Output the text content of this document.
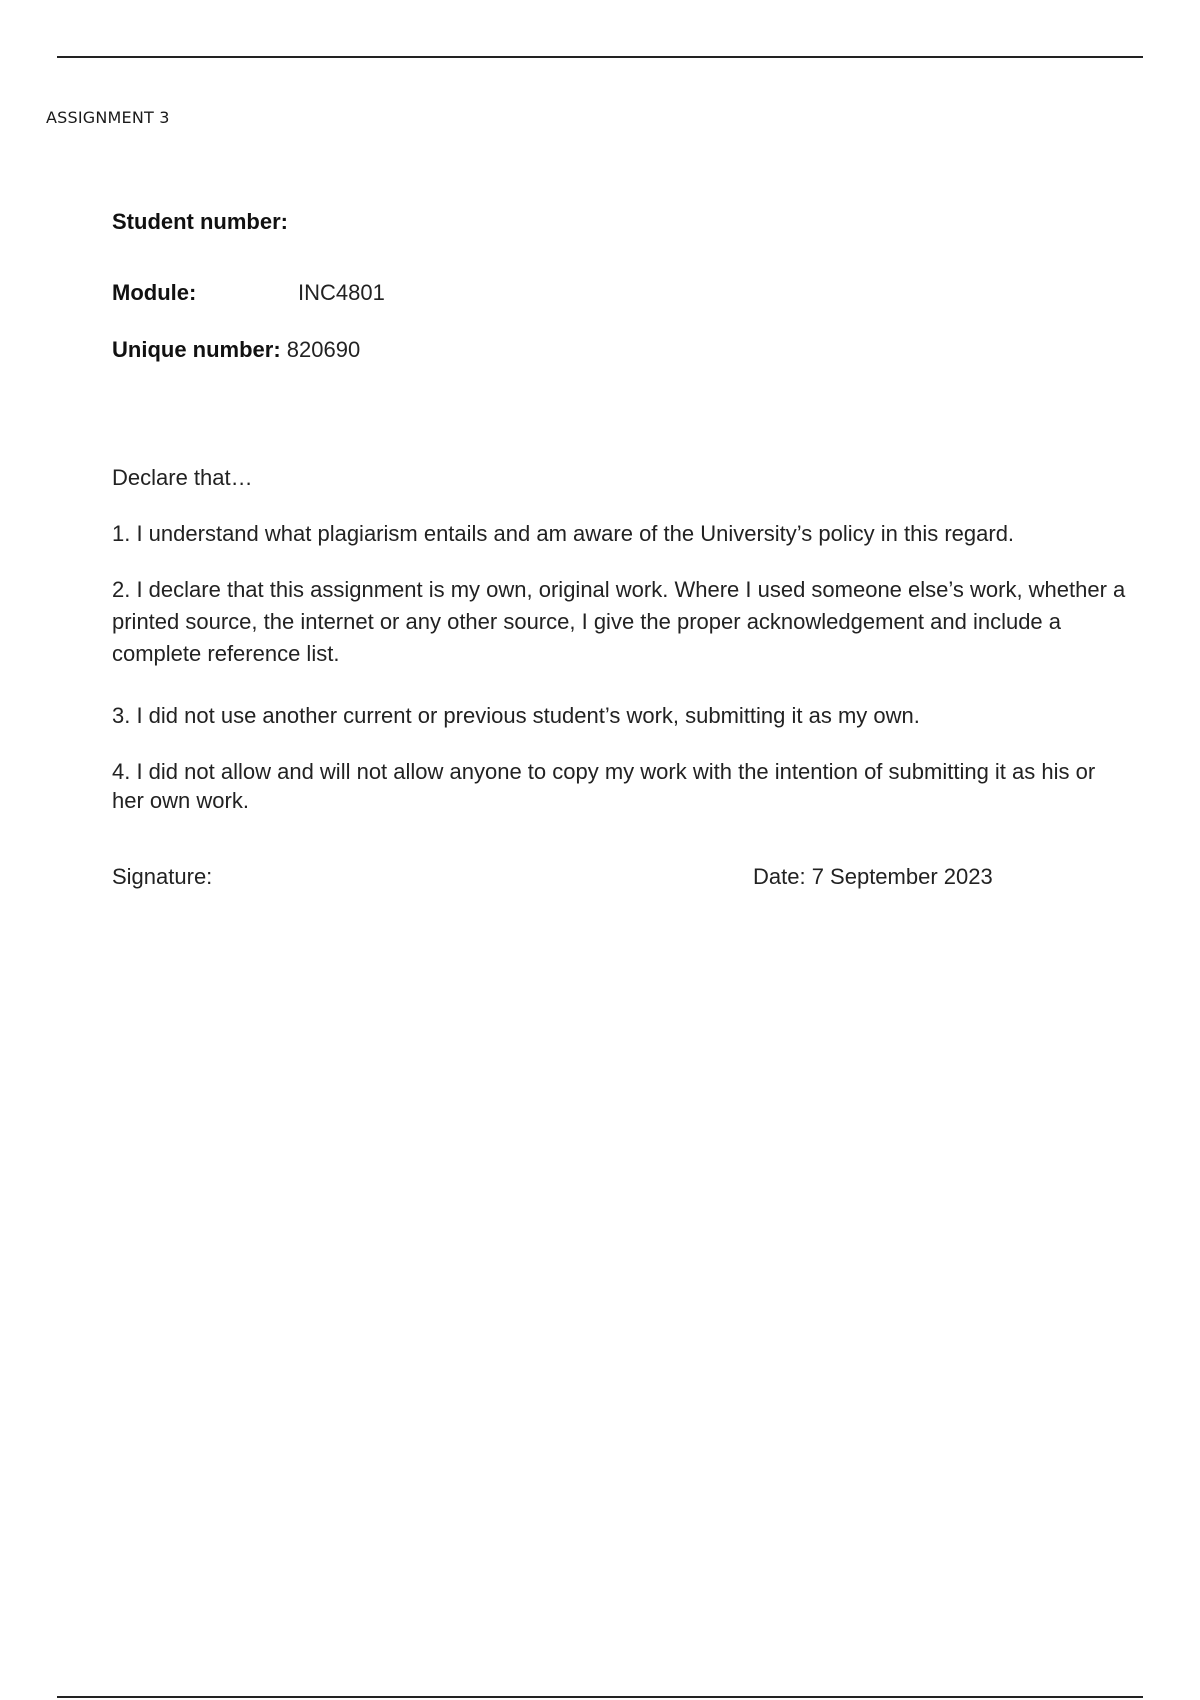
ASSIGNMENT 3
Student number:
Module:	INC4801
Unique number: 820690
Declare that…
1. I understand what plagiarism entails and am aware of the University’s policy in this regard.
2. I declare that this assignment is my own, original work. Where I used someone else’s work, whether a printed source, the internet or any other source, I give the proper acknowledgement and include a complete reference list.
3. I did not use another current or previous student’s work, submitting it as my own.
4. I did not allow and will not allow anyone to copy my work with the intention of submitting it as his or her own work.
Signature:	Date: 7 September 2023
